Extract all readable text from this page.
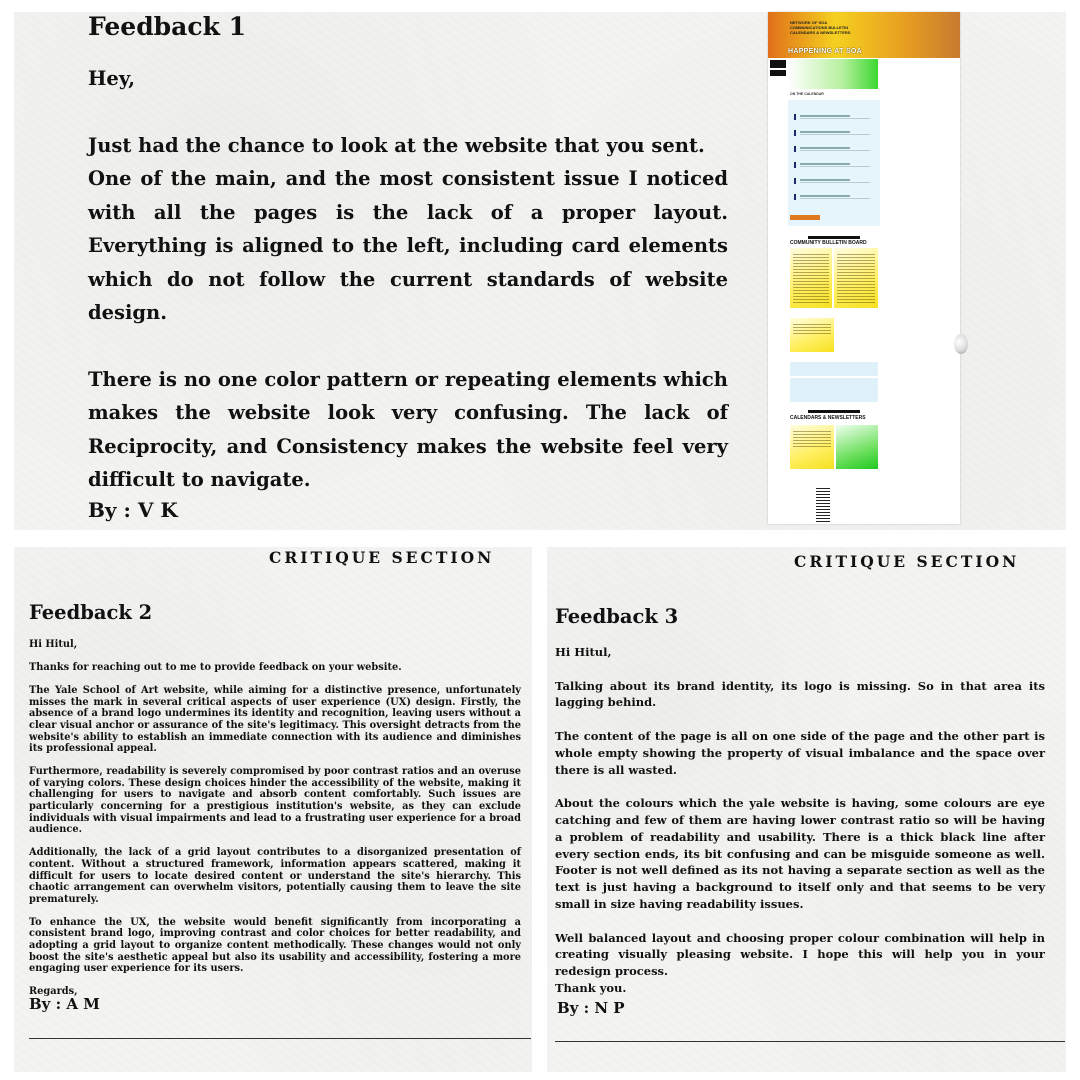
Feedback 1

Hey,

Just had the chance to look at the website that you sent.

One of the main, and the most consistent issue I noticed with all the pages is the lack of a proper layout. Everything is aligned to the left, including card elements which do not follow the current standards of website design.

There is no one color pattern or repeating elements which makes the website look very confusing. The lack of Reciprocity, and Consistency makes the website feel very difficult to navigate.

By : V K
NETWORK OF SOA COMMUNICATIONS BULLETIN CALENDARS & NEWSLETTERS
HAPPENING AT SOA
ON THE CALENDAR
COMMUNITY BULLETIN BOARD
CALENDARS & NEWSLETTERS
CRITIQUE SECTION
Feedback 2

Hi Hitul,

Thanks for reaching out to me to provide feedback on your website.

The Yale School of Art website, while aiming for a distinctive presence, unfortunately misses the mark in several critical aspects of user experience (UX) design. Firstly, the absence of a brand logo undermines its identity and recognition, leaving users without a clear visual anchor or assurance of the site's legitimacy. This oversight detracts from the website's ability to establish an immediate connection with its audience and diminishes its professional appeal.

Furthermore, readability is severely compromised by poor contrast ratios and an overuse of varying colors. These design choices hinder the accessibility of the website, making it challenging for users to navigate and absorb content comfortably. Such issues are particularly concerning for a prestigious institution's website, as they can exclude individuals with visual impairments and lead to a frustrating user experience for a broad audience.

Additionally, the lack of a grid layout contributes to a disorganized presentation of content. Without a structured framework, information appears scattered, making it difficult for users to locate desired content or understand the site's hierarchy. This chaotic arrangement can overwhelm visitors, potentially causing them to leave the site prematurely.

To enhance the UX, the website would benefit significantly from incorporating a consistent brand logo, improving contrast and color choices for better readability, and adopting a grid layout to organize content methodically. These changes would not only boost the site's aesthetic appeal but also its usability and accessibility, fostering a more engaging user experience for its users.

Regards,

By : A M
CRITIQUE SECTION
Feedback 3

Hi Hitul,

Talking about its brand identity, its logo is missing. So in that area its lagging behind.

The content of the page is all on one side of the page and the other part is whole empty showing the property of visual imbalance and the space over there is all wasted.

About the colours which the yale website is having, some colours are eye catching and few of them are having lower contrast ratio so will be having a problem of readability and usability. There is a thick black line after every section ends, its bit confusing and can be misguide someone as well. Footer is not well defined as its not having a separate section as well as the text is just having a background to itself only and that seems to be very small in size having readability issues.

Well balanced layout and choosing proper colour combination will help in creating visually pleasing website. I hope this will help you in your redesign process.

Thank you.

By : N P
